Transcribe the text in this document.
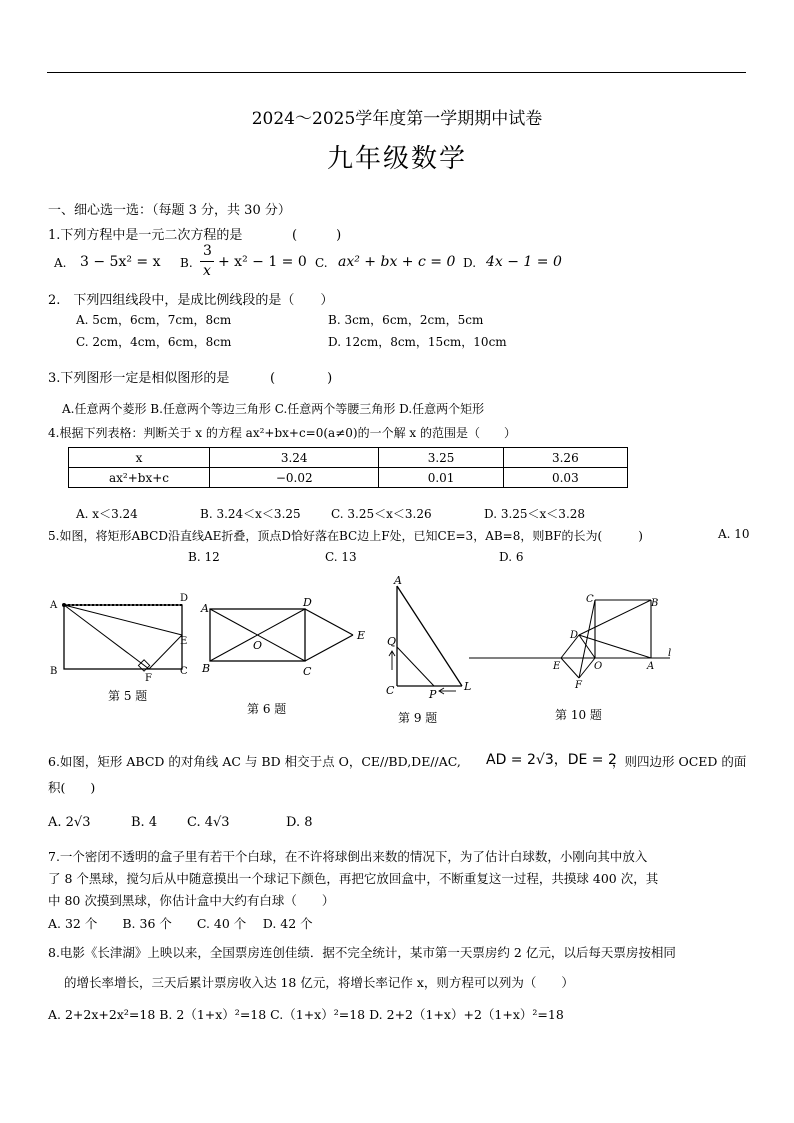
2024～2025学年度第一学期期中试卷
九年级数学
一、细心选一选：（每题 3 分，共 30 分）
1.下列方程中是一元二次方程的是	(　　　)
A. 3 − 5x² = x B.
3
x
+ x² − 1 = 0 C. ax² + bx + c = 0 D. 4x − 1 = 0
2.　下列四组线段中，是成比例线段的是（　　）
A. 5cm，6cm，7cm，8cm	B. 3cm，6cm，2cm，5cm
C. 2cm，4cm，6cm，8cm	D. 12cm，8cm，15cm，10cm
3.下列图形一定是相似图形的是	(　　　　)
A.任意两个菱形 B.任意两个等边三角形 C.任意两个等腰三角形 D.任意两个矩形
4.根据下列表格：判断关于 x 的方程 ax²+bx+c=0(a≠0)的一个解 x 的范围是（　　）
x	3.24	3.25	3.26
ax²+bx+c	−0.02	0.01	0.03
A. x＜3.24	B. 3.24＜x＜3.25	C. 3.25＜x＜3.26	D. 3.25＜x＜3.28
5.如图，将矩形ABCD沿直线AE折叠，顶点D恰好落在BC边上F处，已知CE=3，AB=8，则BF的长为(　　　)	A. 10
B. 12	C. 13	D. 6
A
D
E
B
F
C
第 5 题
A	D
E
O
B	C
第 6 题
A
Q
C	P
L
第 9 题
C	B
D
E	O	A
l
F
第 10 题
6.如图，矩形 ABCD 的对角线 AC 与 BD 相交于点 O，CE//BD,DE//AC, AD = 2√3，DE = 2
，则四边形 OCED 的面
积(　　)
A. 2√3	B. 4 C. 4√3	D. 8
7.一个密闭不透明的盒子里有若干个白球，在不许将球倒出来数的情况下，为了估计白球数，小刚向其中放入
了 8 个黑球，搅匀后从中随意摸出一个球记下颜色，再把它放回盒中，不断重复这一过程，共摸球 400 次，其
中 80 次摸到黑球，你估计盒中大约有白球（　　）
A. 32 个　　B. 36 个　　C. 40 个　 D. 42 个
8.电影《长津湖》上映以来，全国票房连创佳绩．据不完全统计，某市第一天票房约 2 亿元，以后每天票房按相同
的增长率增长，三天后累计票房收入达 18 亿元，将增长率记作 x，则方程可以列为（　　）
A. 2+2x+2x²=18 B. 2（1+x）²=18 C.（1+x）²=18 D. 2+2（1+x）+2（1+x）²=18
